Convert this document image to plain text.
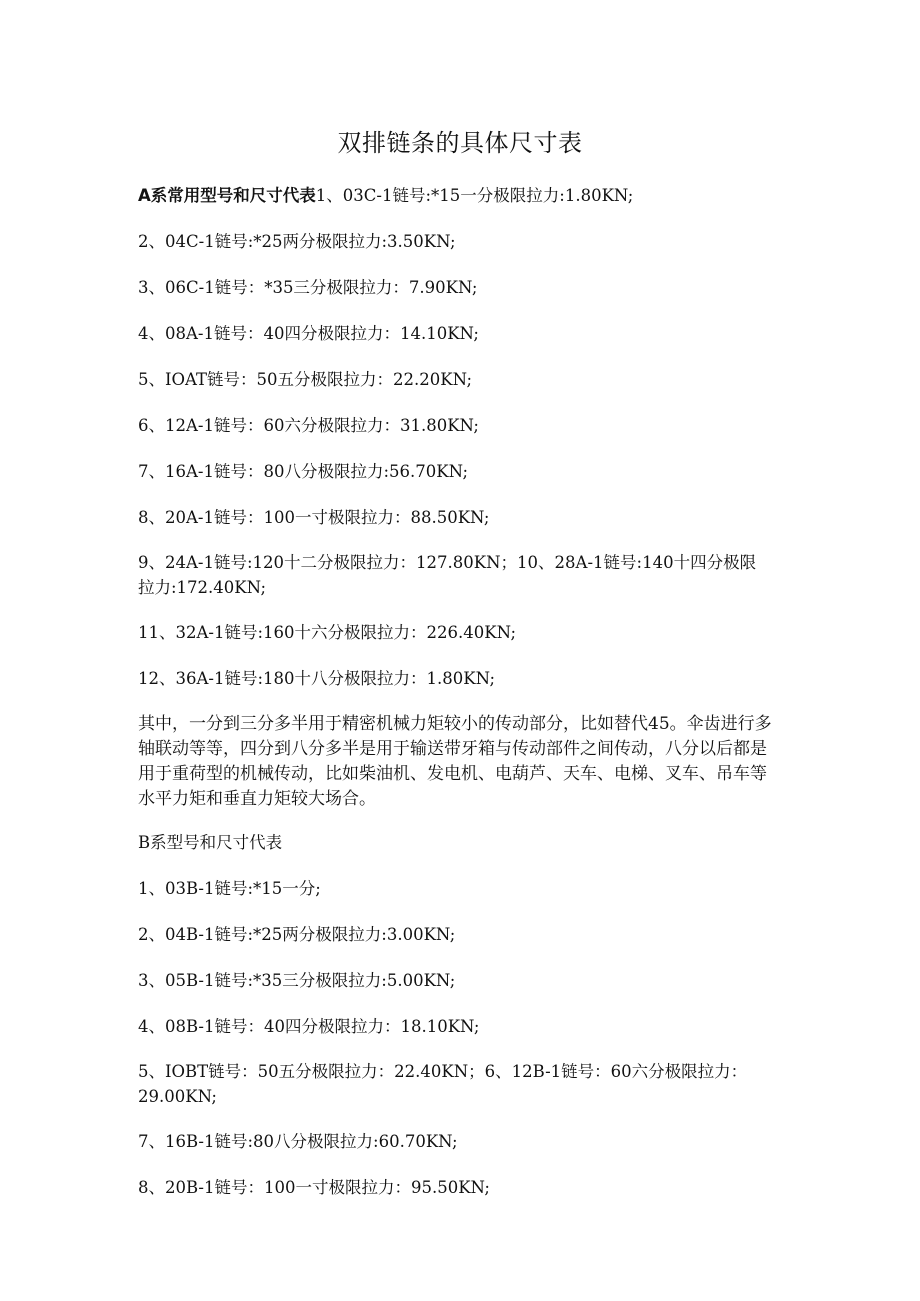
双排链条的具体尺寸表
A系常用型号和尺寸代表1、03C-1链号:*15一分极限拉力:1.80KN;
2、04C-1链号:*25两分极限拉力:3.50KN;
3、06C-1链号：*35三分极限拉力：7.90KN;
4、08A-1链号：40四分极限拉力：14.10KN;
5、IOAT链号：50五分极限拉力：22.20KN;
6、12A-1链号：60六分极限拉力：31.80KN;
7、16A-1链号：80八分极限拉力:56.70KN;
8、20A-1链号：100一寸极限拉力：88.50KN;
9、24A-1链号:120十二分极限拉力：127.80KN；10、28A-1链号:140十四分极限拉力:172.40KN;
11、32A-1链号:160十六分极限拉力：226.40KN;
12、36A-1链号:180十八分极限拉力：1.80KN;
其中，一分到三分多半用于精密机械力矩较小的传动部分，比如替代45。伞齿进行多轴联动等等，四分到八分多半是用于输送带牙箱与传动部件之间传动，八分以后都是用于重荷型的机械传动，比如柴油机、发电机、电葫芦、天车、电梯、叉车、吊车等水平力矩和垂直力矩较大场合。
B系型号和尺寸代表
1、03B-1链号:*15一分;
2、04B-1链号:*25两分极限拉力:3.00KN;
3、05B-1链号:*35三分极限拉力:5.00KN;
4、08B-1链号：40四分极限拉力：18.10KN;
5、IOBT链号：50五分极限拉力：22.40KN；6、12B-1链号：60六分极限拉力：29.00KN;
7、16B-1链号:80八分极限拉力:60.70KN;
8、20B-1链号：100一寸极限拉力：95.50KN;
